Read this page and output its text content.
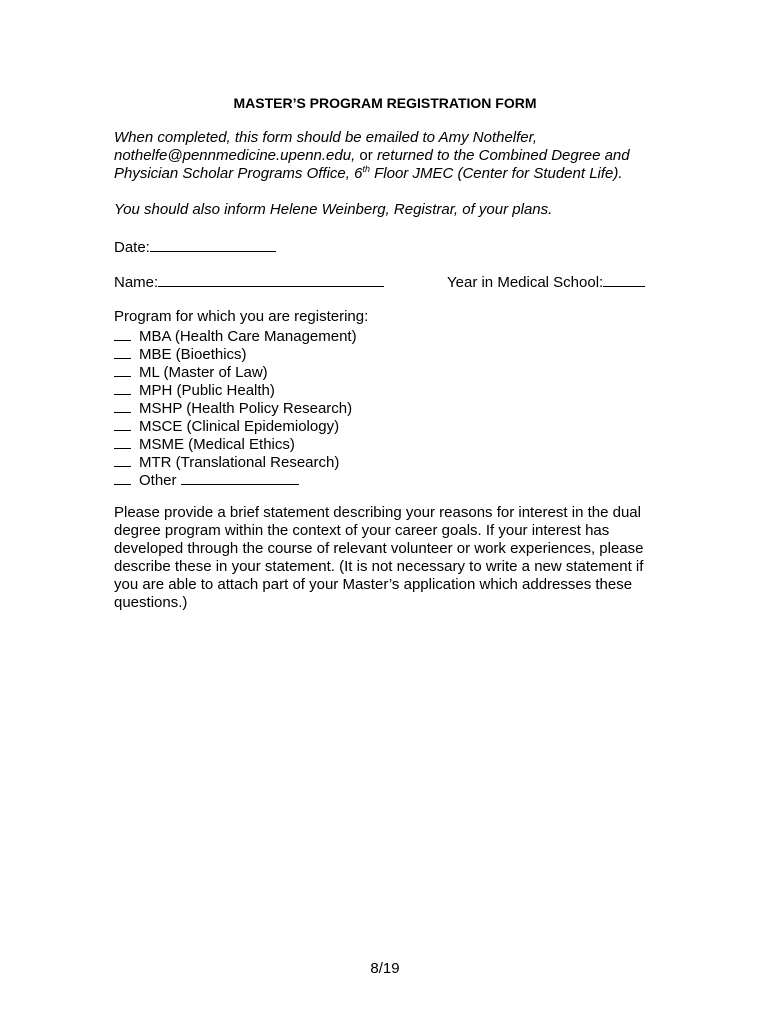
MASTER’S PROGRAM REGISTRATION FORM
When completed, this form should be emailed to Amy Nothelfer,
nothelfe@pennmedicine.upenn.edu, or returned to the Combined Degree and
Physician Scholar Programs Office, 6th Floor JMEC (Center for Student Life).
You should also inform Helene Weinberg, Registrar, of your plans.
Date:
Name:	Year in Medical School:
Program for which you are registering:
MBA (Health Care Management)
MBE (Bioethics)
ML (Master of Law)
MPH (Public Health)
MSHP (Health Policy Research)
MSCE (Clinical Epidemiology)
MSME (Medical Ethics)
MTR (Translational Research)
Other
Please provide a brief statement describing your reasons for interest in the dual degree program within the context of your career goals. If your interest has developed through the course of relevant volunteer or work experiences, please describe these in your statement. (It is not necessary to write a new statement if you are able to attach part of your Master’s application which addresses these questions.)
8/19
